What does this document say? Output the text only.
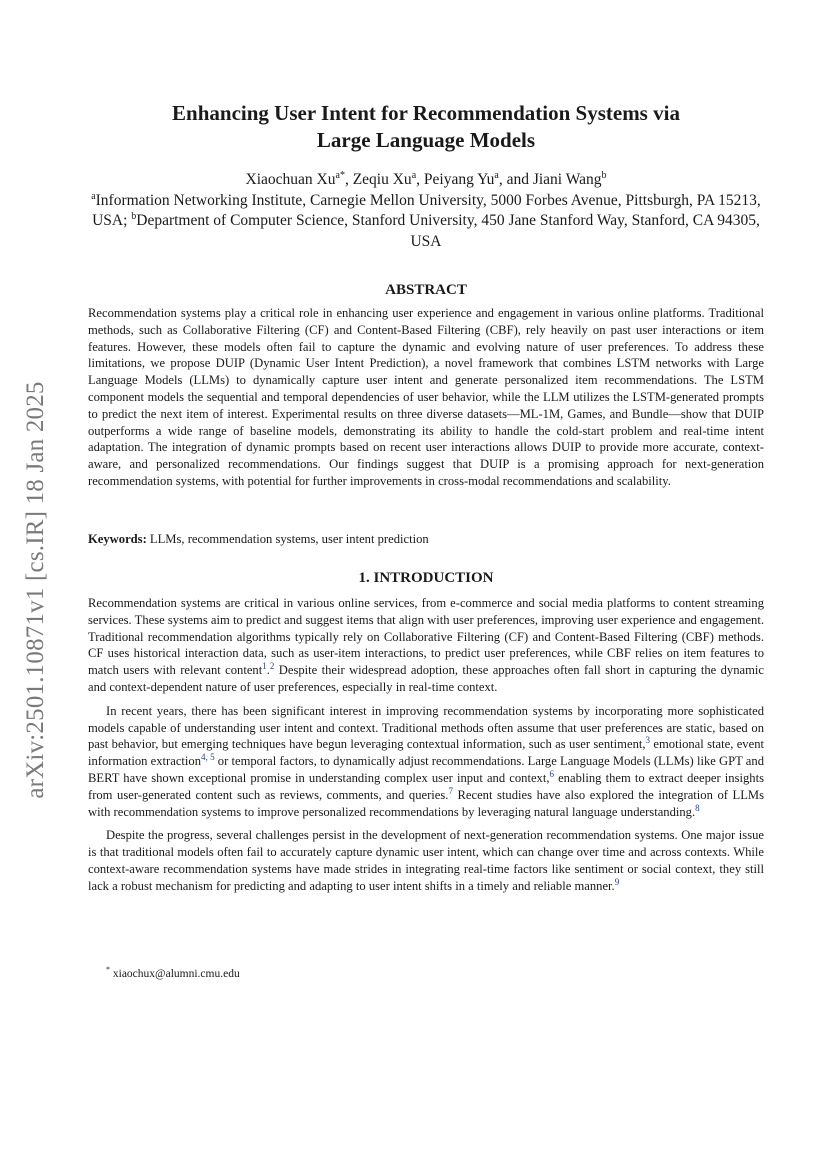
arXiv:2501.10871v1 [cs.IR] 18 Jan 2025
Enhancing User Intent for Recommendation Systems via
Large Language Models
Xiaochuan $Xu^{a*}$, Zeqiu Xu$^a$, Peiyang Yu$^a$, and Jiani Wang$^b$
$^a$Information Networking Institute, Carnegie Mellon University, 5000 Forbes Avenue, Pittsburgh, PA 15213, USA; $^b$Department of Computer Science, Stanford University, 450 Jane Stanford Way, Stanford, CA 94305, USA
ABSTRACT

Recommendation systems play a critical role in enhancing user experience and engagement in various online platforms. Traditional methods, such as Collaborative Filtering (CF) and Content-Based Filtering (CBF), rely heavily on past user interactions or item features. However, these models often fail to capture the dynamic and evolving nature of user preferences. To address these limitations, we propose DUIP (Dynamic User Intent Prediction), a novel framework that combines LSTM networks with Large Language Models (LLMs) to dynamically capture user intent and generate personalized item recommendations. The LSTM component models the sequential and temporal dependencies of user behavior, while the LLM utilizes the LSTM-generated prompts to predict the next item of interest. Experimental results on three diverse datasets—ML-1M, Games, and Bundle—show that DUIP outperforms a wide range of baseline models, demonstrating its ability to handle the cold-start problem and real-time intent adaptation. The integration of dynamic prompts based on recent user interactions allows DUIP to provide more accurate, context-aware, and personalized recommendations. Our findings suggest that DUIP is a promising approach for next-generation recommendation systems, with potential for further improvements in cross-modal recommendations and scalability.

Keywords: LLMs, recommendation systems, user intent prediction
1. INTRODUCTION

Recommendation systems are critical in various online services, from e-commerce and social media platforms to content streaming services. These systems aim to predict and suggest items that align with user preferences, improving user experience and engagement. Traditional recommendation algorithms typically rely on Collaborative Filtering (CF) and Content-Based Filtering (CBF) methods. CF uses historical interaction data, such as user-item interactions, to predict user preferences, while CBF relies on item features to match users with relevant content$^1$.$^2$ Despite their widespread adoption, these approaches often fall short in capturing the dynamic and context-dependent nature of user preferences, especially in real-time context.

In recent years, there has been significant interest in improving recommendation systems by incorporating more sophisticated models capable of understanding user intent and context. Traditional methods often assume that user preferences are static, based on past behavior, but emerging techniques have begun leveraging contextual information, such as user sentiment,$^3$ emotional state, event information extraction$^{4, 5}$ or temporal factors, to dynamically adjust recommendations. Large Language Models (LLMs) like GPT and BERT have shown exceptional promise in understanding complex user input and context,$^6$ enabling them to extract deeper insights from user-generated content such as reviews, comments, and queries.$^7$ Recent studies have also explored the integration of LLMs with recommendation systems to improve personalized recommendations by leveraging natural language understanding.$^8$

Despite the progress, several challenges persist in the development of next-generation recommendation systems. One major issue is that traditional models often fail to accurately capture dynamic user intent, which can change over time and across contexts. While context-aware recommendation systems have made strides in integrating real-time factors like sentiment or social context, they still lack a robust mechanism for predicting and adapting to user intent shifts in a timely and reliable manner.$^9$

* xiaochux@alumni.cmu.edu
